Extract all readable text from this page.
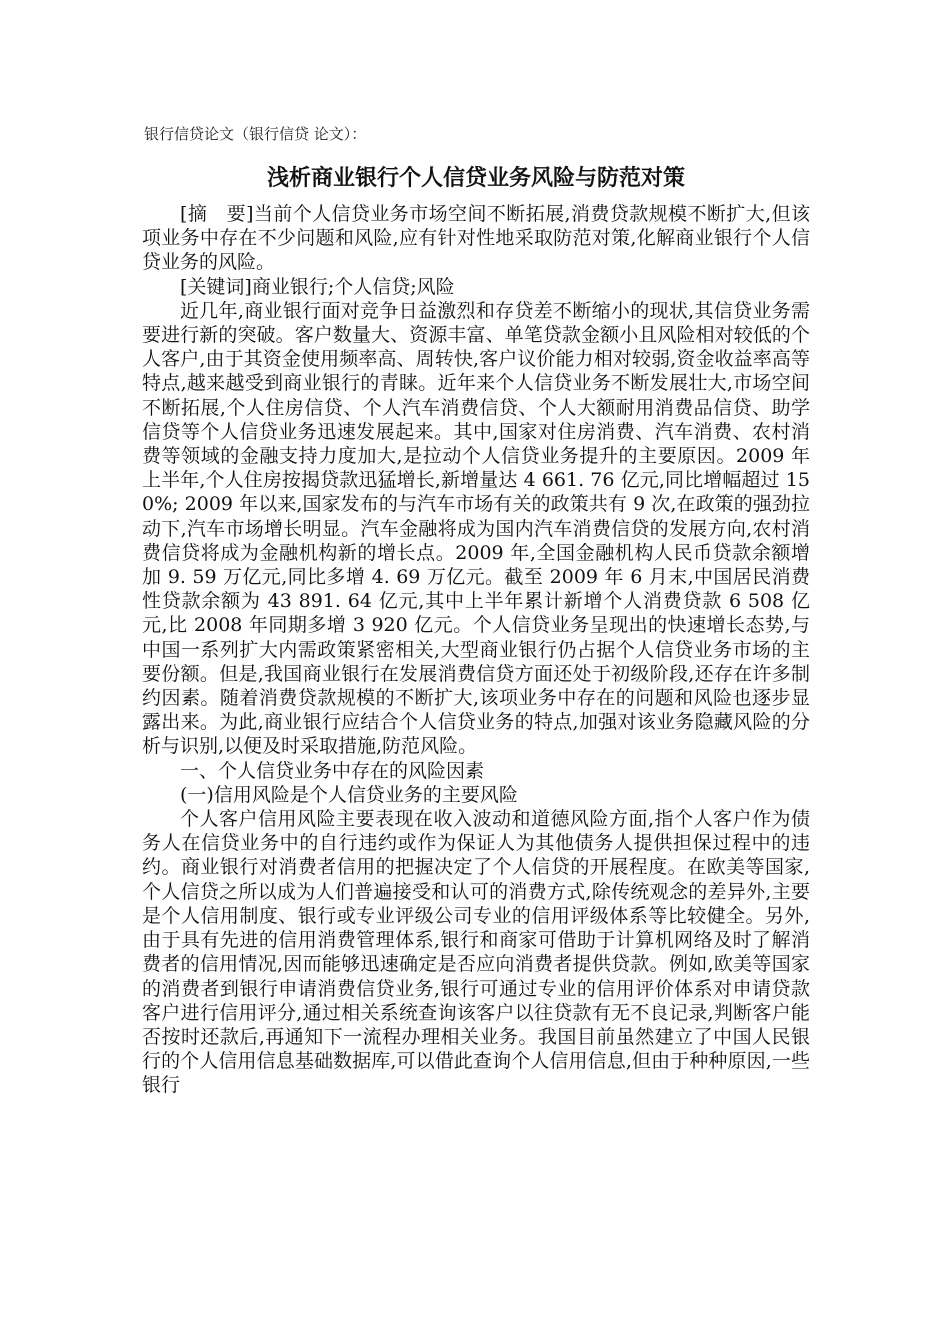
银行信贷论文（银行信贷 论文）：
浅析商业银行个人信贷业务风险与防范对策

[摘　要]当前个人信贷业务市场空间不断拓展,消费贷款规模不断扩大,但该项业务中存在不少问题和风险,应有针对性地采取防范对策,化解商业银行个人信贷业务的风险。

[关键词]商业银行;个人信贷;风险

近几年,商业银行面对竞争日益激烈和存贷差不断缩小的现状,其信贷业务需要进行新的突破。客户数量大、资源丰富、单笔贷款金额小且风险相对较低的个人客户,由于其资金使用频率高、周转快,客户议价能力相对较弱,资金收益率高等特点,越来越受到商业银行的青睐。近年来个人信贷业务不断发展壮大,市场空间不断拓展,个人住房信贷、个人汽车消费信贷、个人大额耐用消费品信贷、助学信贷等个人信贷业务迅速发展起来。其中,国家对住房消费、汽车消费、农村消费等领域的金融支持力度加大,是拉动个人信贷业务提升的主要原因。2009 年上半年,个人住房按揭贷款迅猛增长,新增量达 4 661. 76 亿元,同比增幅超过 150%; 2009 年以来,国家发布的与汽车市场有关的政策共有 9 次,在政策的强劲拉动下,汽车市场增长明显。汽车金融将成为国内汽车消费信贷的发展方向,农村消费信贷将成为金融机构新的增长点。2009 年,全国金融机构人民币贷款余额增加 9. 59 万亿元,同比多增 4. 69 万亿元。截至 2009 年 6 月末,中国居民消费性贷款余额为 43 891. 64 亿元,其中上半年累计新增个人消费贷款 6 508 亿元,比 2008 年同期多增 3 920 亿元。个人信贷业务呈现出的快速增长态势,与中国一系列扩大内需政策紧密相关,大型商业银行仍占据个人信贷业务市场的主要份额。但是,我国商业银行在发展消费信贷方面还处于初级阶段,还存在许多制约因素。随着消费贷款规模的不断扩大,该项业务中存在的问题和风险也逐步显露出来。为此,商业银行应结合个人信贷业务的特点,加强对该业务隐藏风险的分析与识别,以便及时采取措施,防范风险。

一、个人信贷业务中存在的风险因素

(一)信用风险是个人信贷业务的主要风险

个人客户信用风险主要表现在收入波动和道德风险方面,指个人客户作为债务人在信贷业务中的自行违约或作为保证人为其他债务人提供担保过程中的违约。商业银行对消费者信用的把握决定了个人信贷的开展程度。在欧美等国家,个人信贷之所以成为人们普遍接受和认可的消费方式,除传统观念的差异外,主要是个人信用制度、银行或专业评级公司专业的信用评级体系等比较健全。另外,由于具有先进的信用消费管理体系,银行和商家可借助于计算机网络及时了解消费者的信用情况,因而能够迅速确定是否应向消费者提供贷款。例如,欧美等国家的消费者到银行申请消费信贷业务,银行可通过专业的信用评价体系对申请贷款客户进行信用评分,通过相关系统查询该客户以往贷款有无不良记录,判断客户能否按时还款后,再通知下一流程办理相关业务。我国目前虽然建立了中国人民银行的个人信用信息基础数据库,可以借此查询个人信用信息,但由于种种原因,一些银行
